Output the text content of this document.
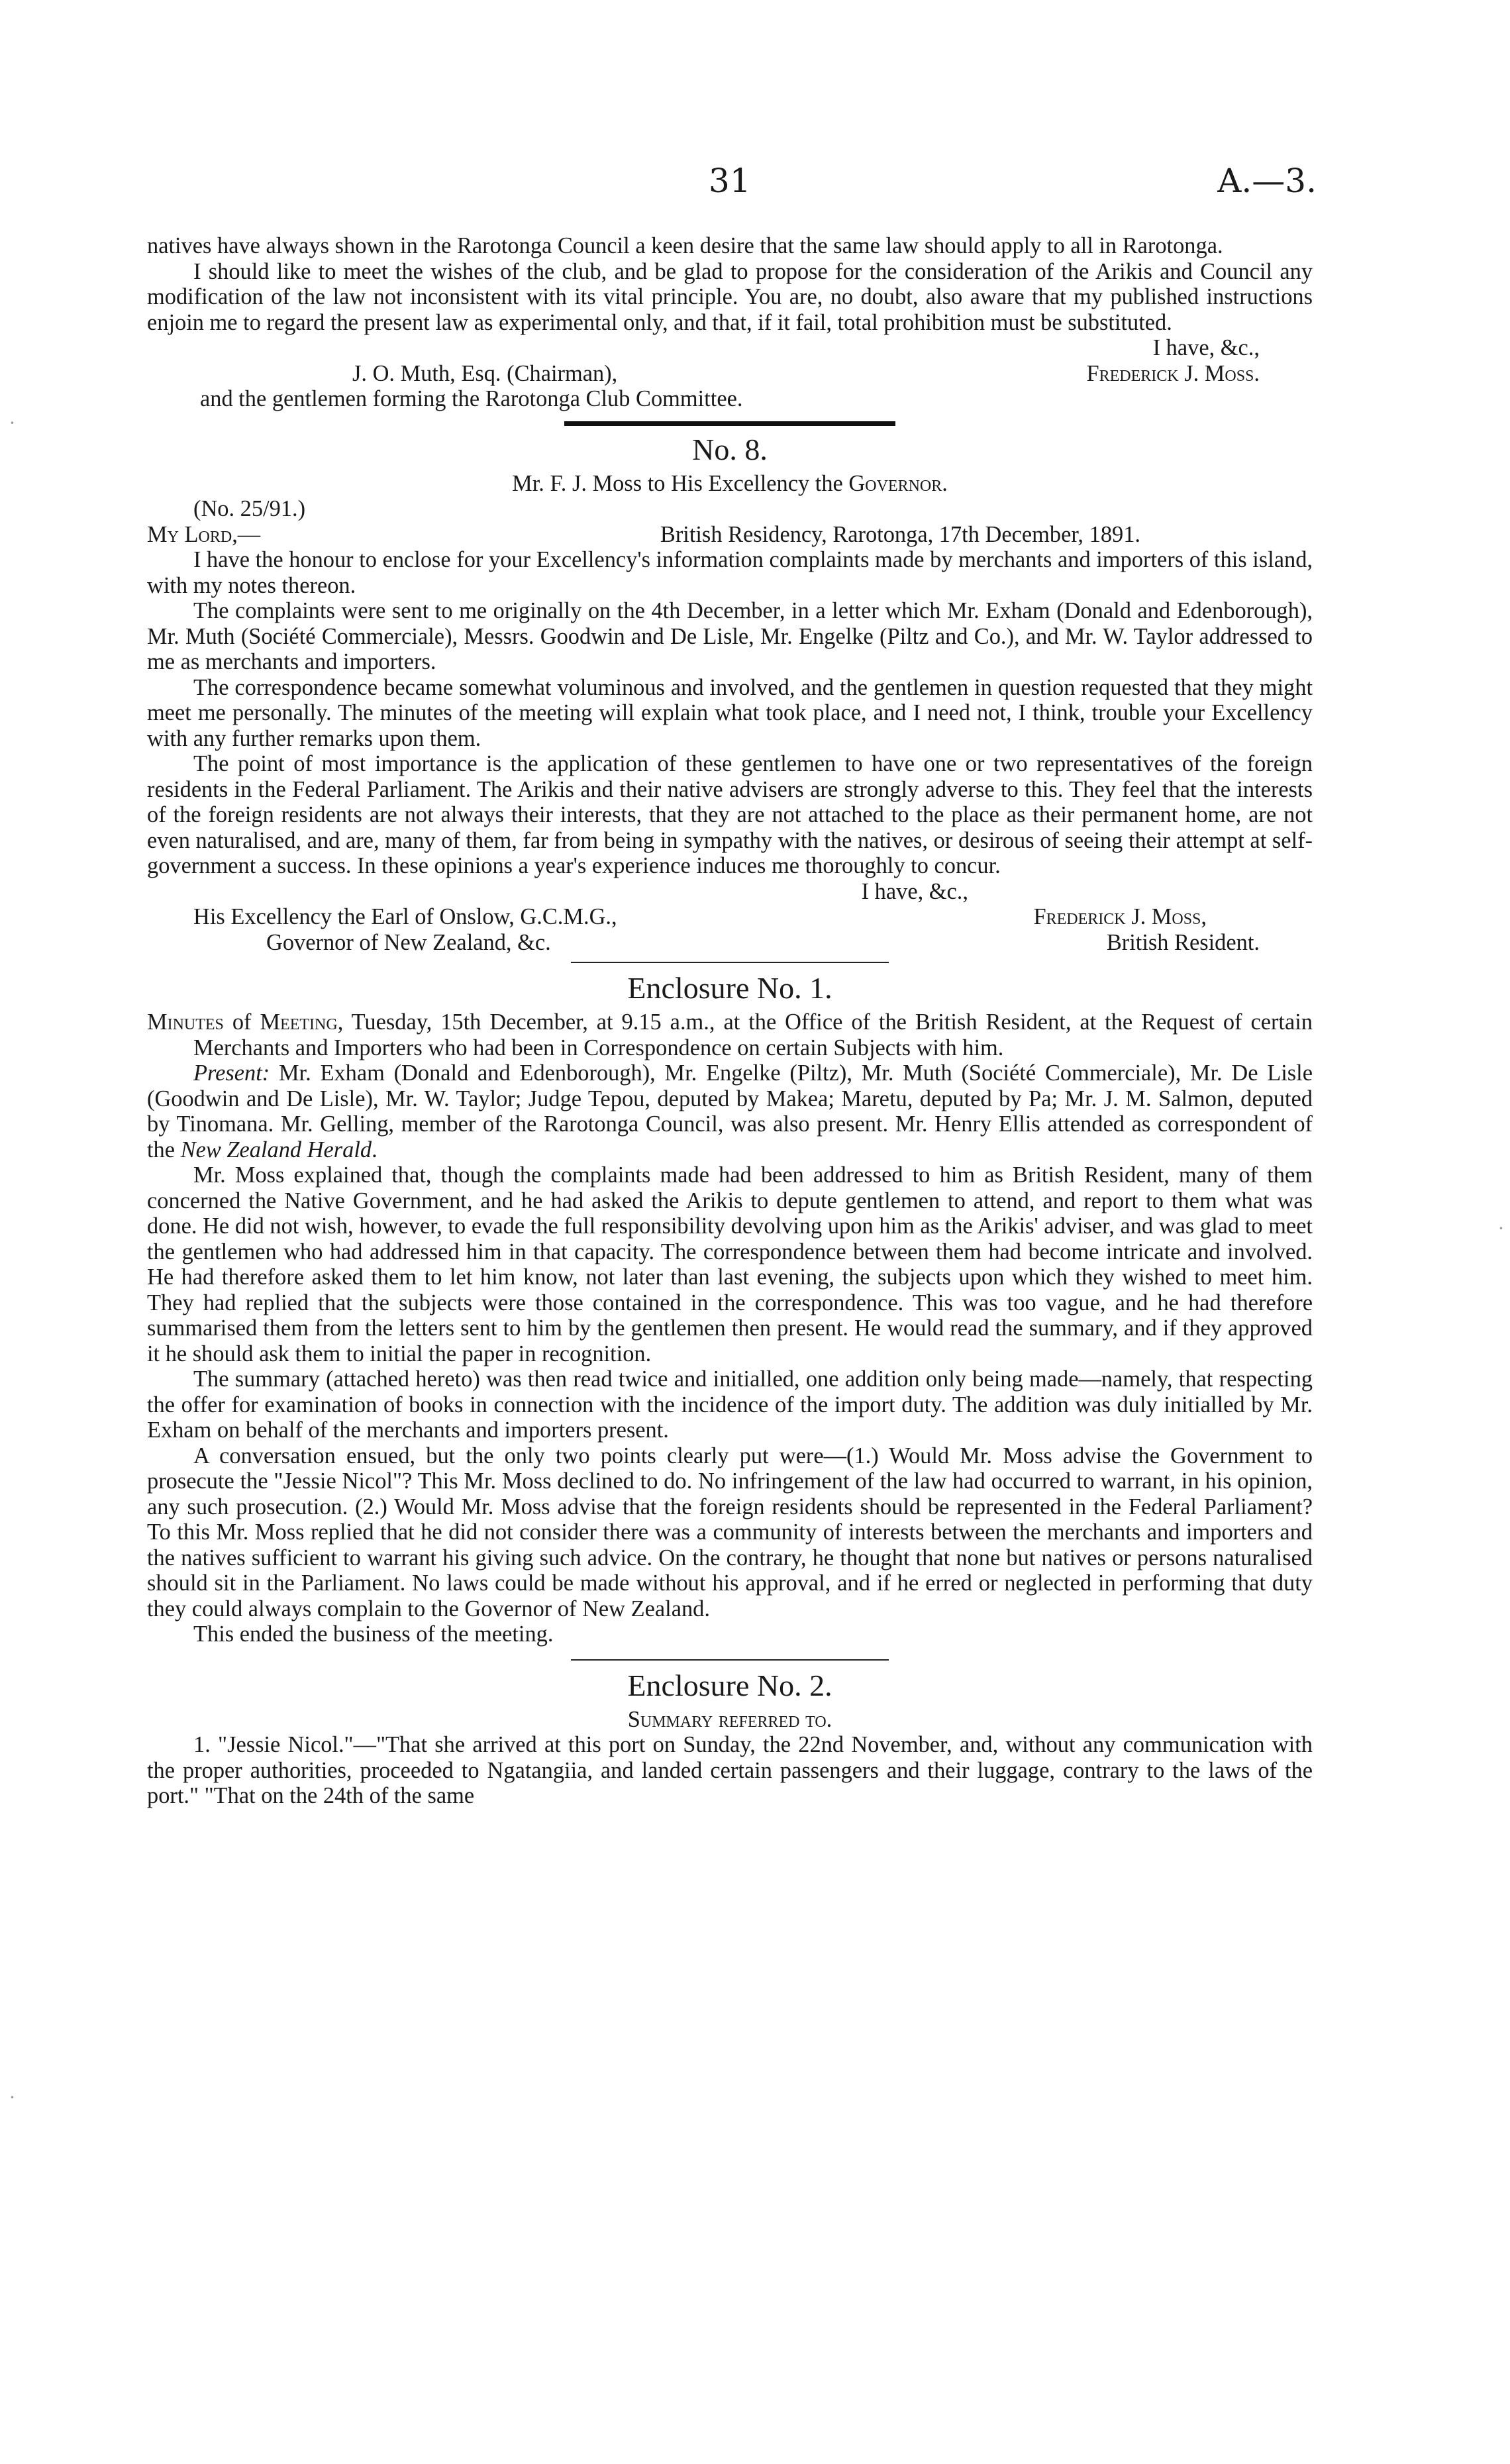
31	A.—3.
·
·
·

natives have always shown in the Rarotonga Council a keen desire that the same law should apply to all in Rarotonga.

I should like to meet the wishes of the club, and be glad to propose for the consideration of the Arikis and Council any modification of the law not inconsistent with its vital principle. You are, no doubt, also aware that my published instructions enjoin me to regard the present law as experimental only, and that, if it fail, total prohibition must be substituted.

I have, &c.,

J. O. Muth, Esq. (Chairman),	Frederick J. Moss.

and the gentlemen forming the Rarotonga Club Committee.

No. 8.

Mr. F. J. Moss to His Excellency the Governor.

(No. 25/91.)

My Lord,—	British Residency, Rarotonga, 17th December, 1891.

I have the honour to enclose for your Excellency's information complaints made by merchants and importers of this island, with my notes thereon.

The complaints were sent to me originally on the 4th December, in a letter which Mr. Exham (Donald and Edenborough), Mr. Muth (Société Commerciale), Messrs. Goodwin and De Lisle, Mr. Engelke (Piltz and Co.), and Mr. W. Taylor addressed to me as merchants and importers.

The correspondence became somewhat voluminous and involved, and the gentlemen in question requested that they might meet me personally. The minutes of the meeting will explain what took place, and I need not, I think, trouble your Excellency with any further remarks upon them.

The point of most importance is the application of these gentlemen to have one or two representatives of the foreign residents in the Federal Parliament. The Arikis and their native advisers are strongly adverse to this. They feel that the interests of the foreign residents are not always their interests, that they are not attached to the place as their permanent home, are not even naturalised, and are, many of them, far from being in sympathy with the natives, or desirous of seeing their attempt at self-government a success. In these opinions a year's experience induces me thoroughly to concur.

I have, &c.,

His Excellency the Earl of Onslow, G.C.M.G.,	Frederick J. Moss,
Governor of New Zealand, &c.	British Resident.
Enclosure No. 1.

Minutes of Meeting, Tuesday, 15th December, at 9.15 a.m., at the Office of the British Resident, at the Request of certain Merchants and Importers who had been in Correspondence on certain Subjects with him.

Present: Mr. Exham (Donald and Edenborough), Mr. Engelke (Piltz), Mr. Muth (Société Commerciale), Mr. De Lisle (Goodwin and De Lisle), Mr. W. Taylor; Judge Tepou, deputed by Makea; Maretu, deputed by Pa; Mr. J. M. Salmon, deputed by Tinomana. Mr. Gelling, member of the Rarotonga Council, was also present. Mr. Henry Ellis attended as correspondent of the New Zealand Herald.

Mr. Moss explained that, though the complaints made had been addressed to him as British Resident, many of them concerned the Native Government, and he had asked the Arikis to depute gentlemen to attend, and report to them what was done. He did not wish, however, to evade the full responsibility devolving upon him as the Arikis' adviser, and was glad to meet the gentlemen who had addressed him in that capacity. The correspondence between them had become intricate and involved. He had therefore asked them to let him know, not later than last evening, the subjects upon which they wished to meet him. They had replied that the subjects were those contained in the correspondence. This was too vague, and he had therefore summarised them from the letters sent to him by the gentlemen then present. He would read the summary, and if they approved it he should ask them to initial the paper in recognition.

The summary (attached hereto) was then read twice and initialled, one addition only being made—namely, that respecting the offer for examination of books in connection with the incidence of the import duty. The addition was duly initialled by Mr. Exham on behalf of the merchants and importers present.

A conversation ensued, but the only two points clearly put were—(1.) Would Mr. Moss advise the Government to prosecute the "Jessie Nicol"? This Mr. Moss declined to do. No infringement of the law had occurred to warrant, in his opinion, any such prosecution. (2.) Would Mr. Moss advise that the foreign residents should be represented in the Federal Parliament? To this Mr. Moss replied that he did not consider there was a community of interests between the merchants and importers and the natives sufficient to warrant his giving such advice. On the contrary, he thought that none but natives or persons naturalised should sit in the Parliament. No laws could be made without his approval, and if he erred or neglected in performing that duty they could always complain to the Governor of New Zealand.

This ended the business of the meeting.

Enclosure No. 2.

Summary referred to.

1. "Jessie Nicol."—"That she arrived at this port on Sunday, the 22nd November, and, without any communication with the proper authorities, proceeded to Ngatangiia, and landed certain passengers and their luggage, contrary to the laws of the port." "That on the 24th of the same
